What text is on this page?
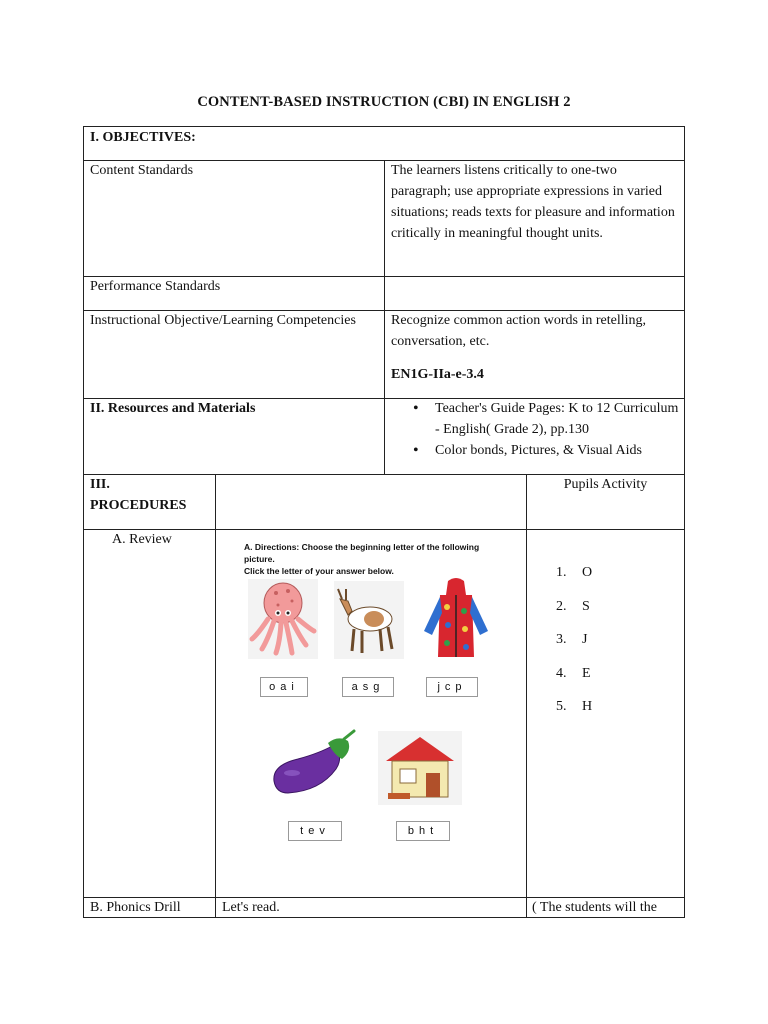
CONTENT-BASED INSTRUCTION (CBI) IN ENGLISH 2
I. OBJECTIVES:
Content Standards	The learners listens critically to one-two paragraph; use appropriate expressions in varied situations; reads texts for pleasure and information critically in meaningful thought units.
Performance Standards
Instructional Objective/Learning Competencies	Recognize common action words in retelling, conversation, etc.
EN1G-IIa-e-3.4
II. Resources and Materials
•	Teacher's Guide Pages: K to 12 Curriculum - English( Grade 2), pp.130
• Color bonds, Pictures, & Visual Aids
III. PROCEDURES
Pupils Activity
A. Review	A. Directions: Choose the beginning letter of the following picture.
Click the letter of your answer below.
oai	asg	jcp
tev	bht
1. O
2. S
3. J
4. E
5. H
B. Phonics Drill	Let's read.	( The students will the
